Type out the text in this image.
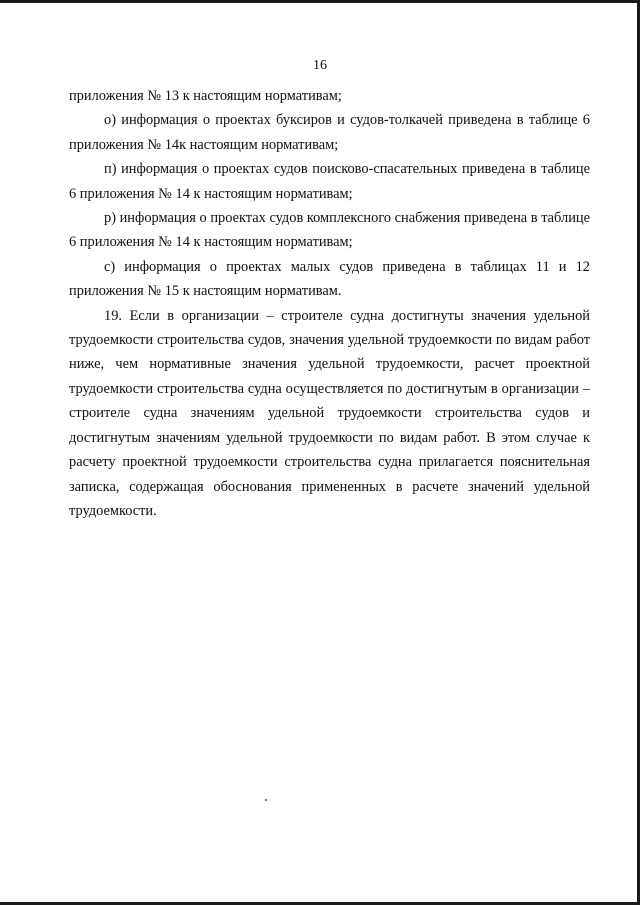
16

приложения № 13 к настоящим нормативам;

о) информация о проектах буксиров и судов-толкачей приведена в таблице 6 приложения № 14к настоящим нормативам;

п) информация о проектах судов поисково-спасательных приведена в таблице 6 приложения № 14 к настоящим нормативам;

р) информация о проектах судов комплексного снабжения приведена в таблице 6 приложения № 14 к настоящим нормативам;

с) информация о проектах малых судов приведена в таблицах 11 и 12 приложения № 15 к настоящим нормативам.

19. Если в организации – строителе судна достигнуты значения удельной трудоемкости строительства судов, значения удельной трудоемкости по видам работ ниже, чем нормативные значения удельной трудоемкости, расчет проектной трудоемкости строительства судна осуществляется по достигнутым в организации – строителе судна значениям удельной трудоемкости строительства судов и достигнутым значениям удельной трудоемкости по видам работ. В этом случае к расчету проектной трудоемкости строительства судна прилагается пояснительная записка, содержащая обоснования примененных в расчете значений удельной трудоемкости.
